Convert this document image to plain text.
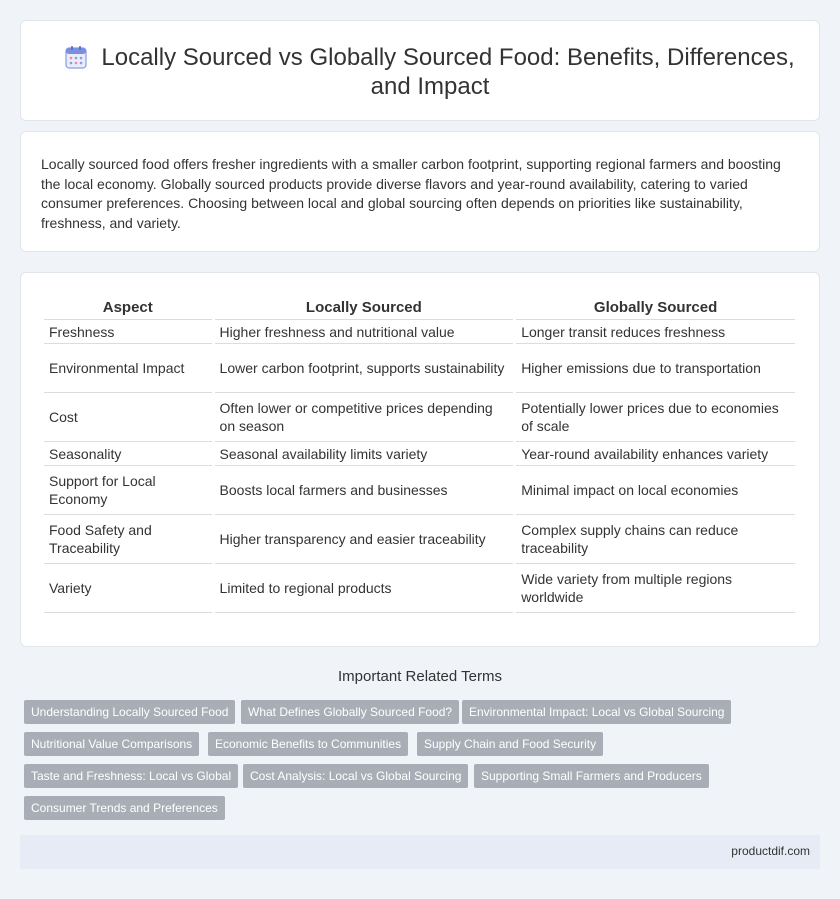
Locally Sourced vs Globally Sourced Food: Benefits, Differences, and Impact

Locally sourced food offers fresher ingredients with a smaller carbon footprint, supporting regional farmers and boosting the local economy. Globally sourced products provide diverse flavors and year-round availability, catering to varied consumer preferences. Choosing between local and global sourcing often depends on priorities like sustainability, freshness, and variety.

Aspect	Locally Sourced	Globally Sourced
Freshness	Higher freshness and nutritional value	Longer transit reduces freshness
Environmental Impact	Lower carbon footprint, supports sustainability	Higher emissions due to transportation
Cost	Often lower or competitive prices depending on season	Potentially lower prices due to economies of scale
Seasonality	Seasonal availability limits variety	Year-round availability enhances variety
Support for Local Economy	Boosts local farmers and businesses	Minimal impact on local economies
Food Safety and Traceability	Higher transparency and easier traceability	Complex supply chains can reduce traceability
Variety	Limited to regional products	Wide variety from multiple regions worldwide
Important Related Terms
Understanding Locally Sourced Food	What Defines Globally Sourced Food?	Environmental Impact: Local vs Global Sourcing
Nutritional Value Comparisons	Economic Benefits to Communities	Supply Chain and Food Security
Taste and Freshness: Local vs Global	Cost Analysis: Local vs Global Sourcing	Supporting Small Farmers and Producers
Consumer Trends and Preferences
productdif.com
